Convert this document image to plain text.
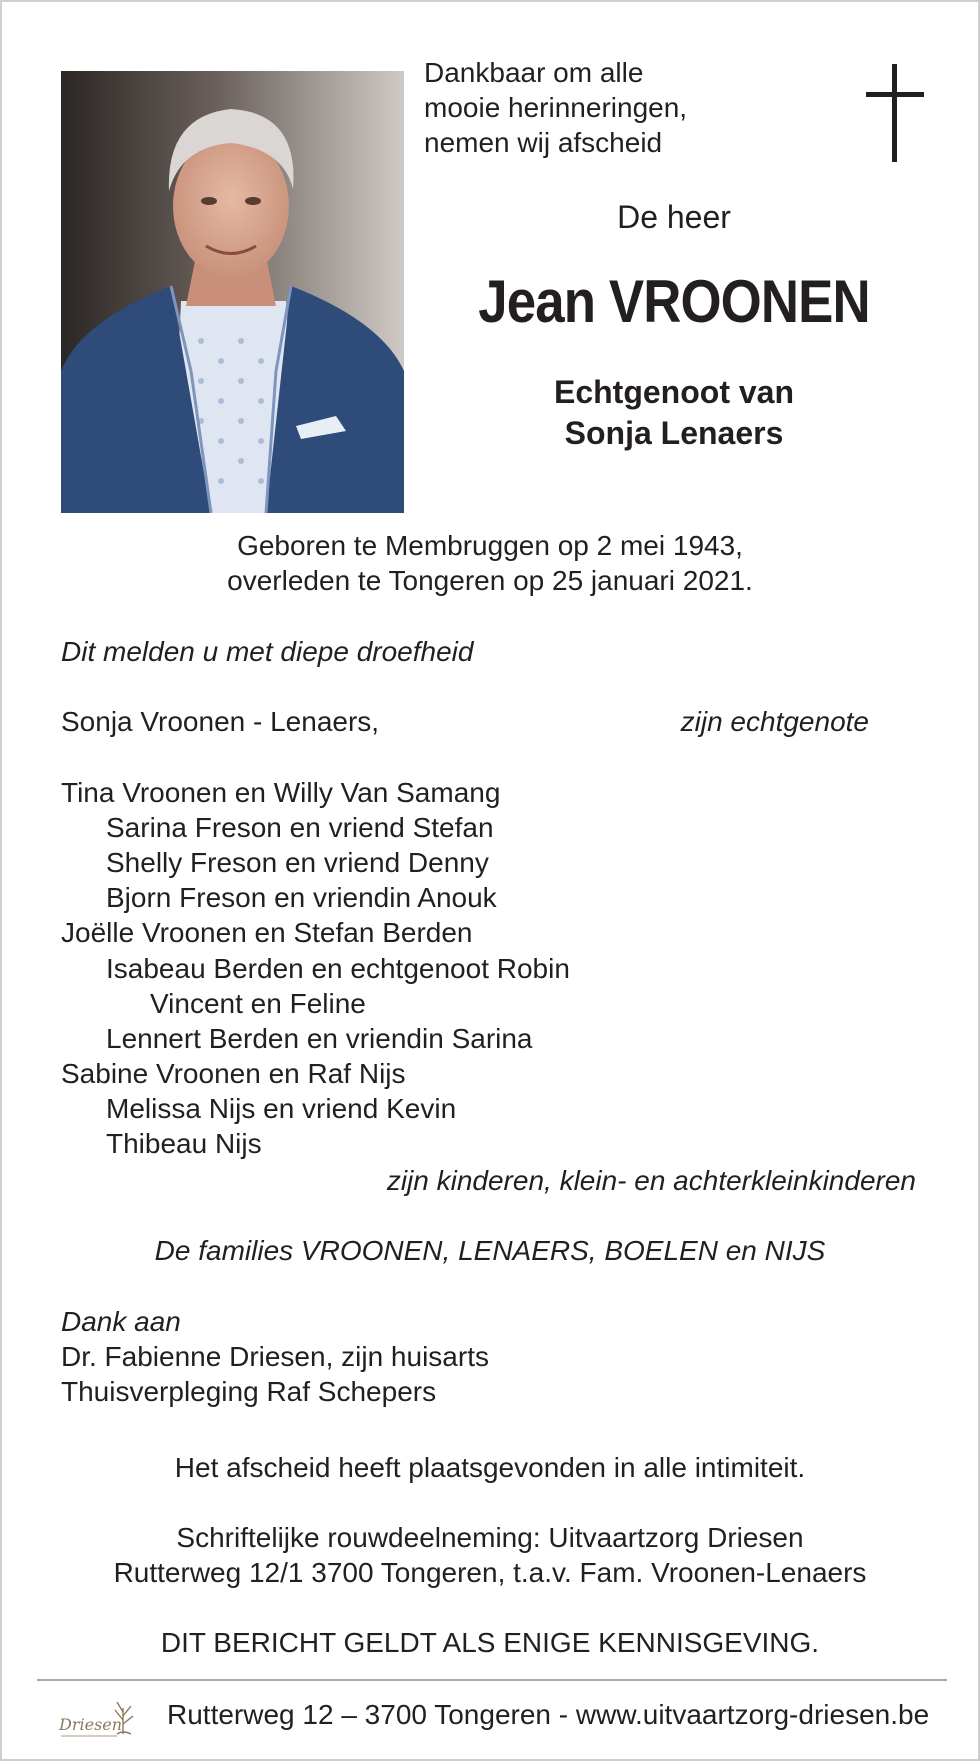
Dankbaar om alle
mooie herinneringen,
nemen wij afscheid
De heer
Jean VROONEN
Echtgenoot van
Sonja Lenaers
Geboren te Membruggen op 2 mei 1943,
overleden te Tongeren op 25 januari 2021.
Dit melden u met diepe droefheid
Sonja Vroonen - Lenaers,	zijn echtgenote
Tina Vroonen en Willy Van Samang
Sarina Freson en vriend Stefan
Shelly Freson en vriend Denny
Bjorn Freson en vriendin Anouk
Joëlle Vroonen en Stefan Berden
Isabeau Berden en echtgenoot Robin
Vincent en Feline
Lennert Berden en vriendin Sarina
Sabine Vroonen en Raf Nijs
Melissa Nijs en vriend Kevin
Thibeau Nijs
zijn kinderen, klein- en achterkleinkinderen
De families VROONEN, LENAERS, BOELEN en NIJS
Dank aan
Dr. Fabienne Driesen, zijn huisarts
Thuisverpleging Raf Schepers
Het afscheid heeft plaatsgevonden in alle intimiteit.
Schriftelijke rouwdeelneming: Uitvaartzorg Driesen
Rutterweg 12/1 3700 Tongeren, t.a.v. Fam. Vroonen-Lenaers
DIT BERICHT GELDT ALS ENIGE KENNISGEVING.
Driesen Rutterweg 12 – 3700 Tongeren - www.uitvaartzorg-driesen.be
